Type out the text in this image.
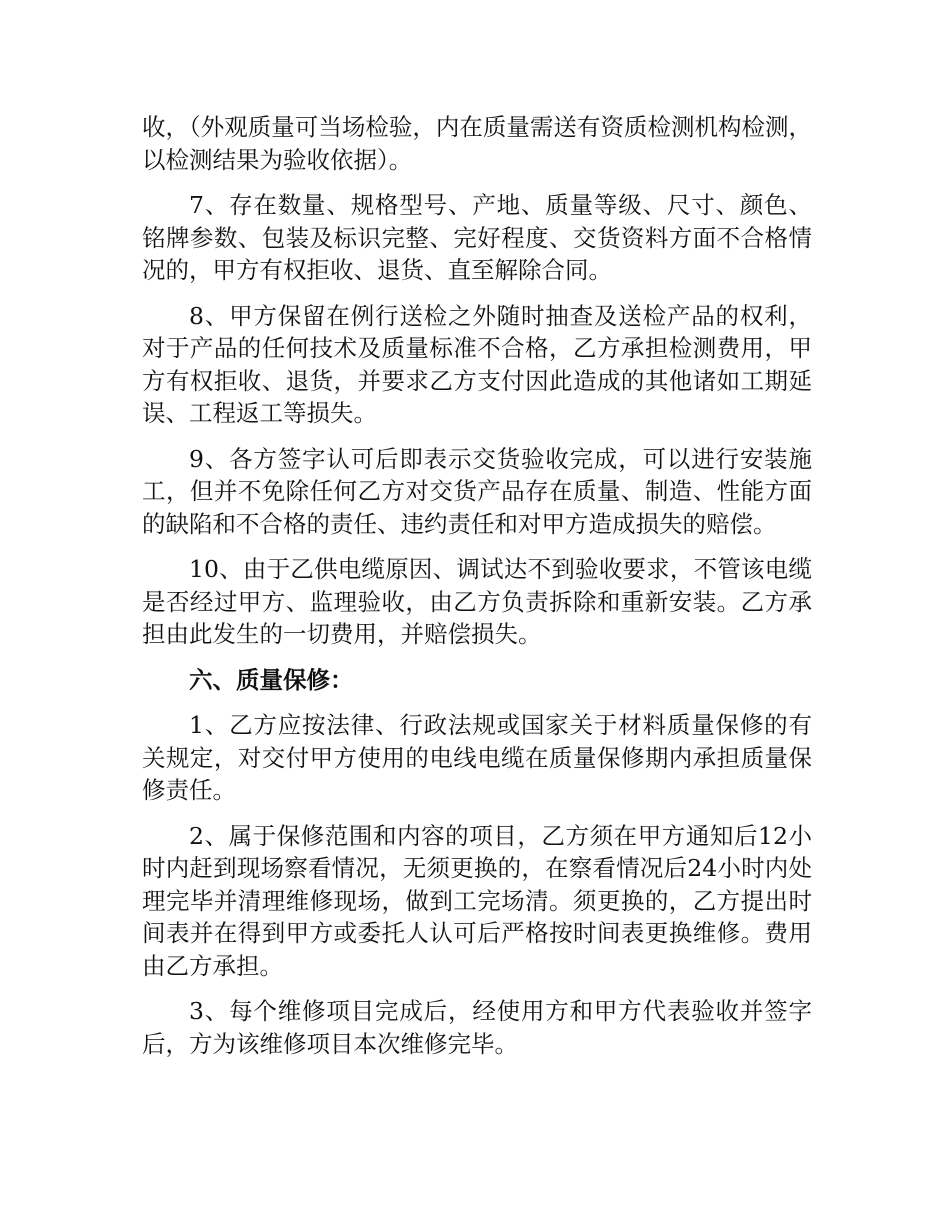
收，（外观质量可当场检验，内在质量需送有资质检测机构检测，以检测结果为验收依据）。

7、存在数量、规格型号、产地、质量等级、尺寸、颜色、铭牌参数、包装及标识完整、完好程度、交货资料方面不合格情况的，甲方有权拒收、退货、直至解除合同。

8、甲方保留在例行送检之外随时抽查及送检产品的权利，对于产品的任何技术及质量标准不合格，乙方承担检测费用，甲方有权拒收、退货，并要求乙方支付因此造成的其他诸如工期延误、工程返工等损失。

9、各方签字认可后即表示交货验收完成，可以进行安装施工，但并不免除任何乙方对交货产品存在质量、制造、性能方面的缺陷和不合格的责任、违约责任和对甲方造成损失的赔偿。

10、由于乙供电缆原因、调试达不到验收要求，不管该电缆是否经过甲方、监理验收，由乙方负责拆除和重新安装。乙方承担由此发生的一切费用，并赔偿损失。

六、质量保修：

1、乙方应按法律、行政法规或国家关于材料质量保修的有关规定，对交付甲方使用的电线电缆在质量保修期内承担质量保修责任。

2、属于保修范围和内容的项目，乙方须在甲方通知后12小时内赶到现场察看情况，无须更换的，在察看情况后24小时内处理完毕并清理维修现场，做到工完场清。须更换的，乙方提出时间表并在得到甲方或委托人认可后严格按时间表更换维修。费用由乙方承担。

3、每个维修项目完成后，经使用方和甲方代表验收并签字后，方为该维修项目本次维修完毕。
